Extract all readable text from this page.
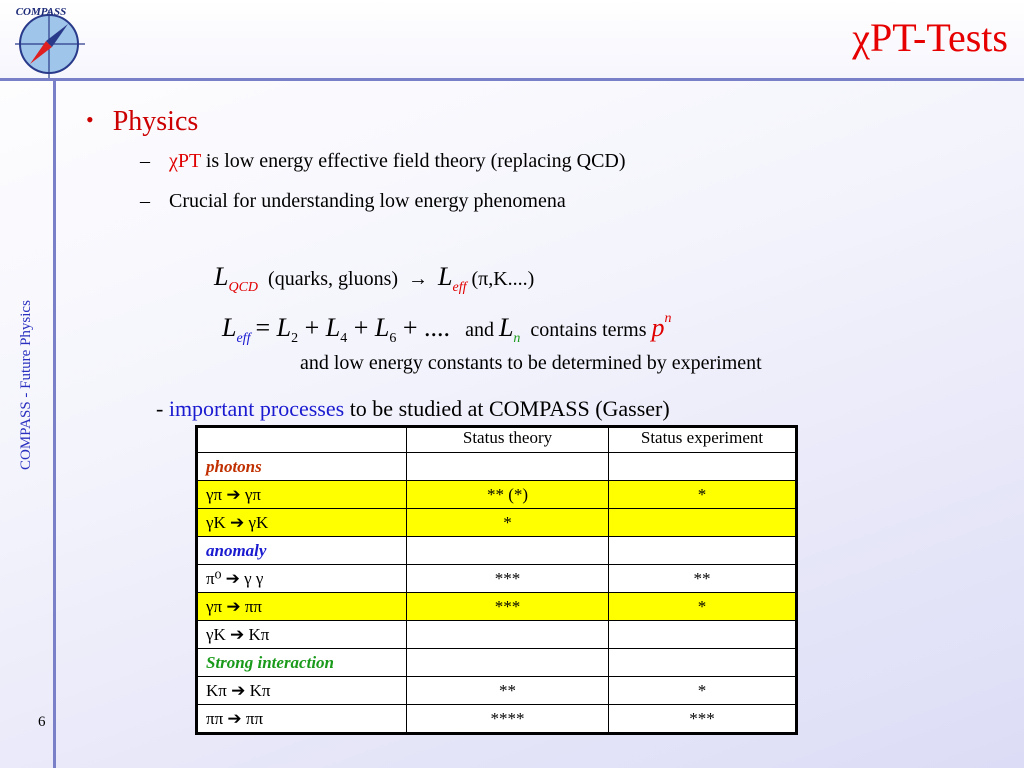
COMPASS
χPT-Tests
COMPASS - Future Physics
6
• Physics
– χPT is low energy effective field theory (replacing QCD)
– Crucial for understanding low energy phenomena
$L_{QCD}$ (quarks, gluons) → $L_{eff}$ (π,K....)
$L_{eff} = L_2 + L_4 + L_6$ + .... and $L_n$ contains terms $p^n$
and low energy constants to be determined by experiment
- important processes to be studied at COMPASS (Gasser)
	Status theory	Status experiment
photons		
γπ ➔ γπ	** (*)	*
γK ➔ γK	*	
anomaly		
π⁰ ➔ γ γ	***	**
γπ ➔ ππ	***	*
γK ➔ Kπ		
Strong interaction		
Kπ ➔ Kπ	**	*
ππ ➔ ππ	****	***
